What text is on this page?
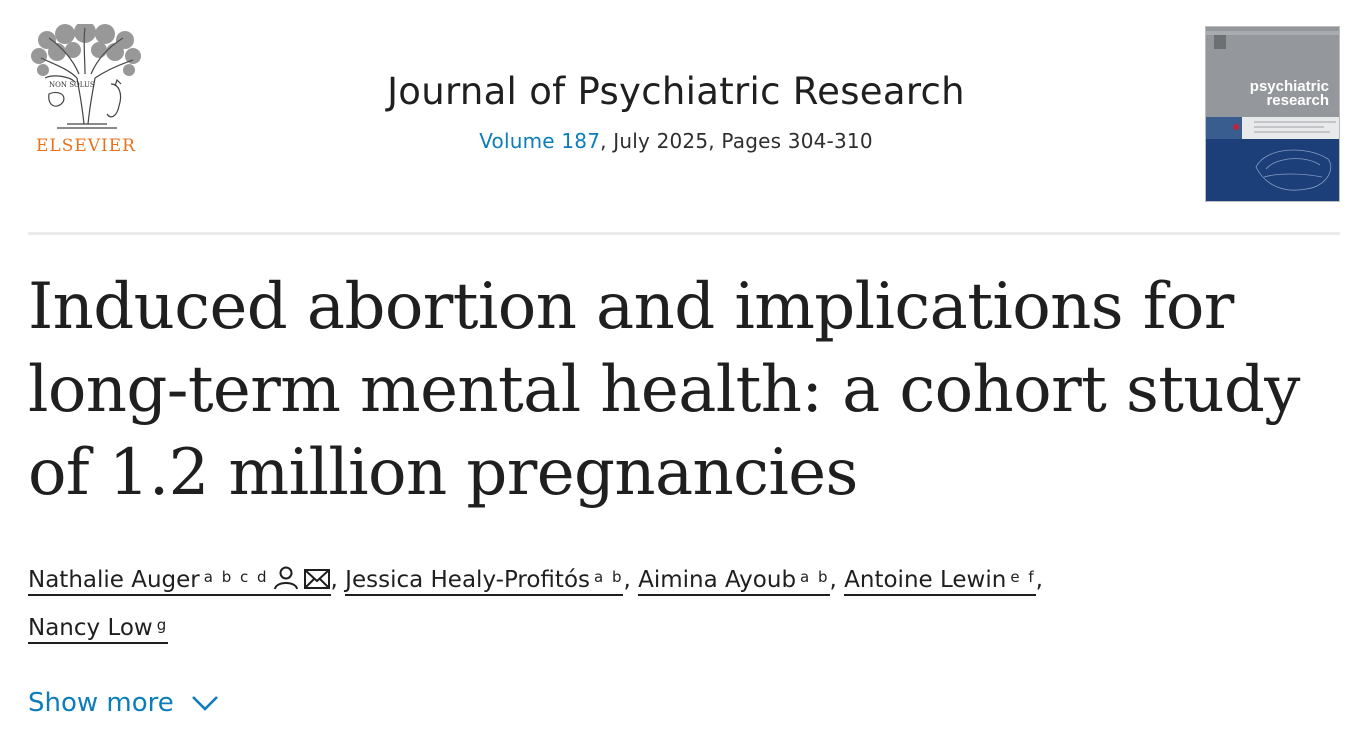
NON SOLUS
ELSEVIER
Journal of Psychiatric Research
Volume 187, July 2025, Pages 304-310
psychiatric
research
Induced abortion and implications for long-term mental health: a cohort study of 1.2 million pregnancies
Nathalie Auger $^{a b c d}$	, Jessica Healy-Profitós $^{a b}$, Aimina Ayoub $^{a b}$, Antoine Lewin $^{e f}$,
Nancy Low $^g$
Show more
